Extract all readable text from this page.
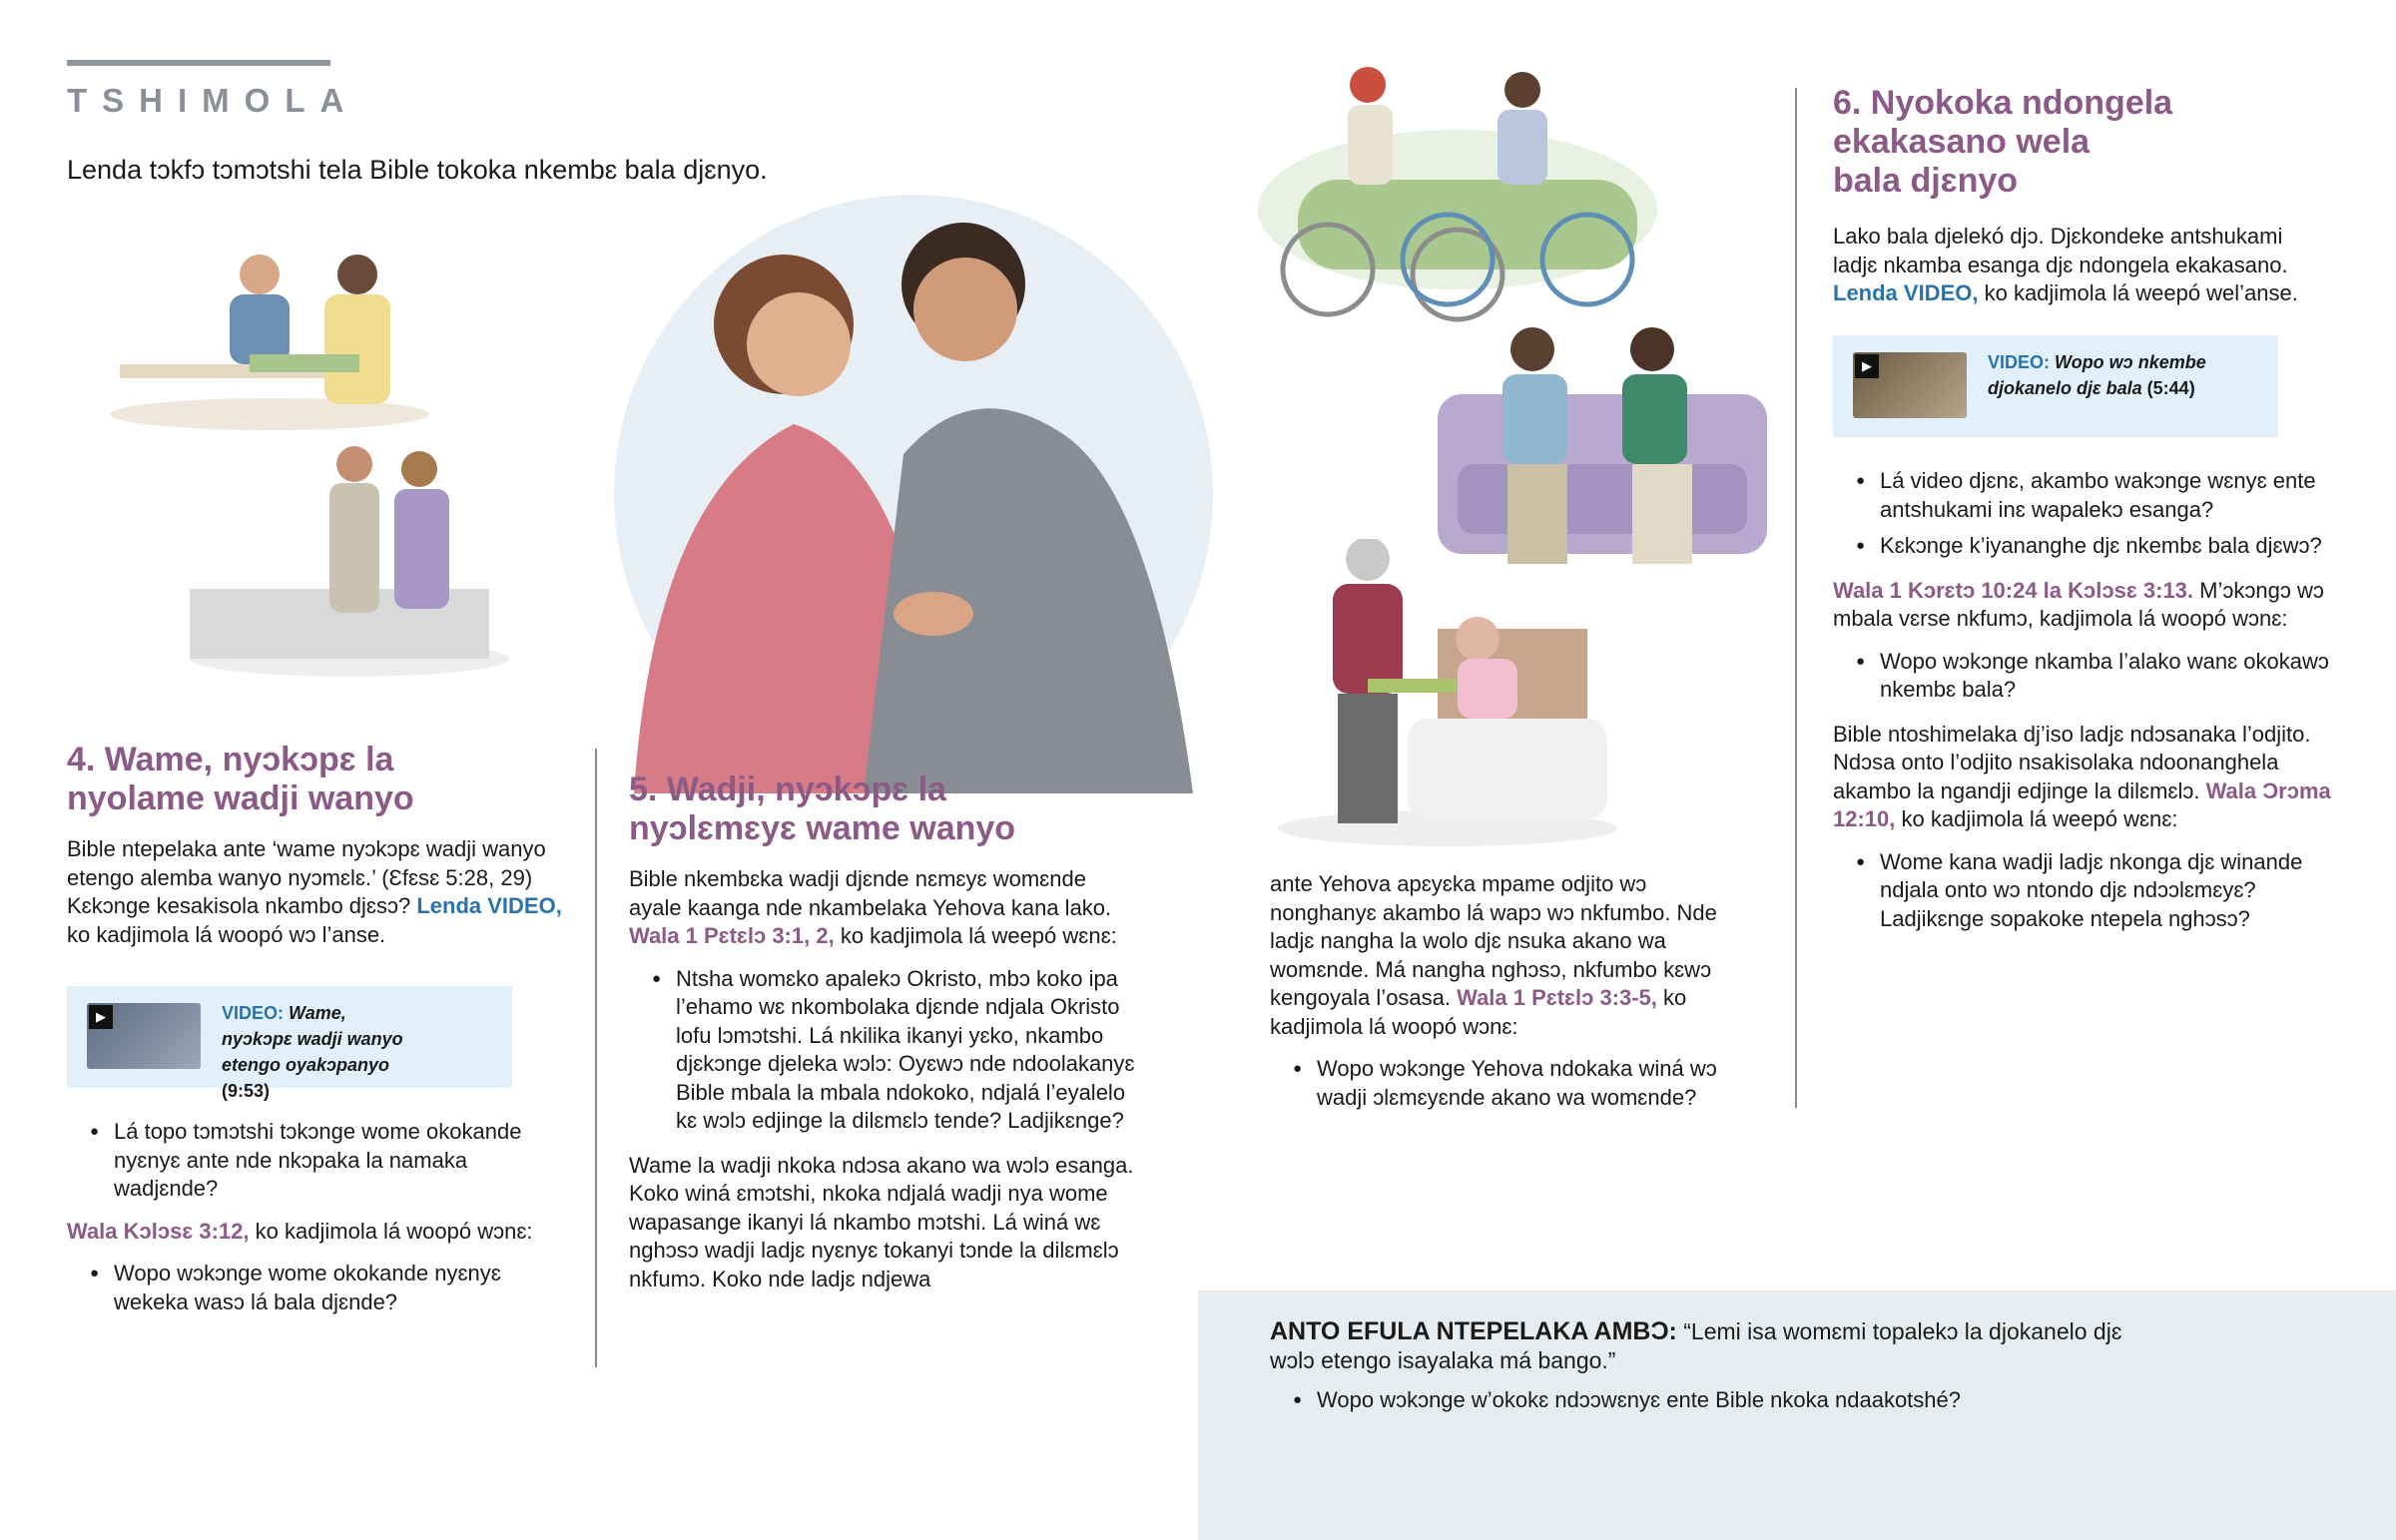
TSHIMOLA
Lenda tɔkfɔ tɔmɔtshi tela Bible tokoka nkembɛ bala djɛnyo.
4. Wame, nyɔkɔpɛ la
nyolame wadji wanyo
Bible ntepelaka ante ‘wame nyɔkɔpɛ wadji wanyo etengo alemba wanyo nyɔmɛlɛ.’ (Ɛfɛsɛ 5:28, 29) Kɛkɔnge kesakisola nkambo djɛsɔ? Lenda VIDEO, ko kadjimola lá woopó wɔ l’anse.
▶	VIDEO: Wame, nyɔkɔpɛ wadji wanyo etengo oyakɔpanyo (9:53)
● Lá topo tɔmɔtshi tɔkɔnge wome okokande nyɛnyɛ ante nde nkɔpaka la namaka wadjɛnde?
Wala Kɔlɔsɛ 3:12, ko kadjimola lá woopó wɔnɛ:
● Wopo wɔkɔnge wome okokande nyɛnyɛ wekeka wasɔ lá bala djɛnde?
5. Wadji, nyɔkɔpɛ la
nyɔlɛmɛyɛ wame wanyo
Bible nkembɛka wadji djɛnde nɛmɛyɛ womɛnde ayale kaanga nde nkambelaka Yehova kana lako. Wala 1 Pɛtɛlɔ 3:1, 2, ko kadjimola lá weepó wɛnɛ:
● Ntsha womɛko apalekɔ Okristo, mbɔ koko ipa l’ehamo wɛ nkombolaka djɛnde ndjala Okristo lofu lɔmɔtshi. Lá nkilika ikanyi yɛko, nkambo djɛkɔnge djeleka wɔlɔ: Oyɛwɔ nde ndoolakanyɛ Bible mbala la mbala ndokoko, ndjalá l’eyalelo kɛ wɔlɔ edjinge la dilɛmɛlɔ tende? Ladjikɛnge?
Wame la wadji nkoka ndɔsa akano wa wɔlɔ esanga. Koko winá ɛmɔtshi, nkoka ndjalá wadji nya wome wapasange ikanyi lá nkambo mɔtshi. Lá winá wɛ nghɔsɔ wadji ladjɛ nyɛnyɛ tokanyi tɔnde la dilɛmɛlɔ nkfumɔ. Koko nde ladjɛ ndjewa
ante Yehova apɛyɛka mpame odjito wɔ nonghanyɛ akambo lá wapɔ wɔ nkfumbo. Nde ladjɛ nangha la wolo djɛ nsuka akano wa womɛnde. Má nangha nghɔsɔ, nkfumbo kɛwɔ kengoyala l’osasa. Wala 1 Pɛtɛlɔ 3:3-5, ko kadjimola lá woopó wɔnɛ:
● Wopo wɔkɔnge Yehova ndokaka winá wɔ wadji ɔlɛmɛyɛnde akano wa womɛnde?
6. Nyokoka ndongela
ekakasano wela
bala djɛnyo
Lako bala djelekó djɔ. Djɛkondeke antshukami ladjɛ nkamba esanga djɛ ndongela ekakasano. Lenda VIDEO, ko kadjimola lá weepó wel’anse.
▶	VIDEO: Wopo wɔ nkembe djokanelo djɛ bala (5:44)
● Lá video djɛnɛ, akambo wakɔnge wɛnyɛ ente antshukami inɛ wapalekɔ esanga?
● Kɛkɔnge k’iyananghe djɛ nkembɛ bala djɛwɔ?
Wala 1 Kɔrɛtɔ 10:24 la Kɔlɔsɛ 3:13. M’ɔkɔngɔ wɔ mbala vɛrse nkfumɔ, kadjimola lá woopó wɔnɛ:
● Wopo wɔkɔnge nkamba l’alako wanɛ okokawɔ nkembɛ bala?
Bible ntoshimelaka dj’iso ladjɛ ndɔsanaka l’odjito. Ndɔsa onto l’odjito nsakisolaka ndoonanghela akambo la ngandji edjinge la dilɛmɛlɔ. Wala Ɔrɔma 12:10, ko kadjimola lá weepó wɛnɛ:
● Wome kana wadji ladjɛ nkonga djɛ winande ndjala onto wɔ ntondo djɛ ndɔɔlɛmɛyɛ? Ladjikɛnge sopakoke ntepela nghɔsɔ?
ANTO EFULA NTEPELAKA AMBƆ: “Lemi isa womɛmi topalekɔ la djokanelo djɛ wɔlɔ etengo isayalaka má bango.”
● Wopo wɔkɔnge w’okokɛ ndɔɔwɛnyɛ ente Bible nkoka ndaakotshé?
